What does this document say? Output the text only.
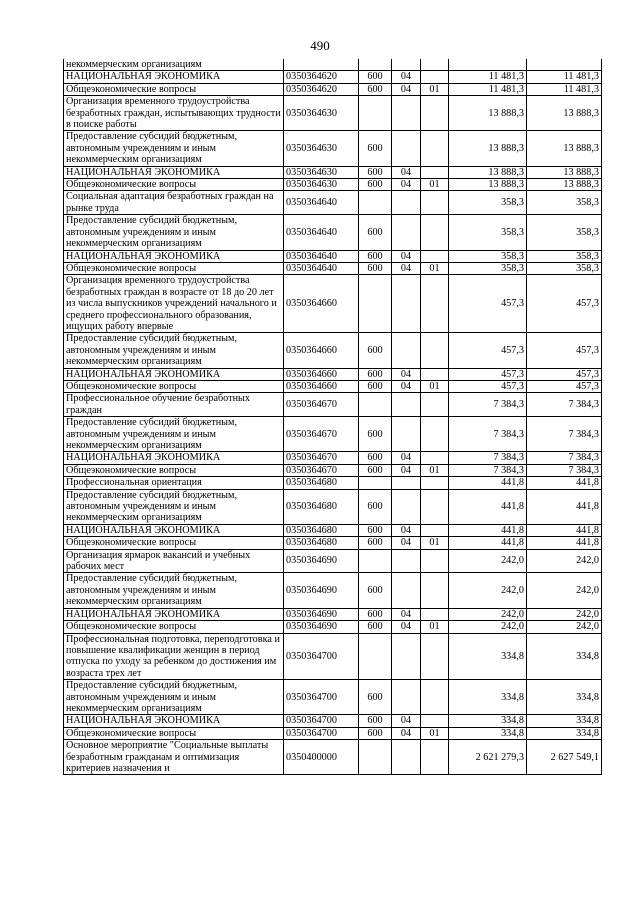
490
некоммерческим организациям						
НАЦИОНАЛЬНАЯ ЭКОНОМИКА	0350364620	600	04		11 481,3	11 481,3
Общеэкономические вопросы	0350364620	600	04	01	11 481,3	11 481,3
Организация временного трудоустройства безработных граждан, испытывающих трудности в поиске работы	0350364630				13 888,3	13 888,3
Предоставление субсидий бюджетным, автономным учреждениям и иным некоммерческим организациям	0350364630	600			13 888,3	13 888,3
НАЦИОНАЛЬНАЯ ЭКОНОМИКА	0350364630	600	04		13 888,3	13 888,3
Общеэкономические вопросы	0350364630	600	04	01	13 888,3	13 888,3
Социальная адаптация безработных граждан на рынке труда	0350364640				358,3	358,3
Предоставление субсидий бюджетным, автономным учреждениям и иным некоммерческим организациям	0350364640	600			358,3	358,3
НАЦИОНАЛЬНАЯ ЭКОНОМИКА	0350364640	600	04		358,3	358,3
Общеэкономические вопросы	0350364640	600	04	01	358,3	358,3
Организация временного трудоустройства безработных граждан в возрасте от 18 до 20 лет из числа выпускников учреждений начального и среднего профессионального образования, ищущих работу впервые	0350364660				457,3	457,3
Предоставление субсидий бюджетным, автономным учреждениям и иным некоммерческим организациям	0350364660	600			457,3	457,3
НАЦИОНАЛЬНАЯ ЭКОНОМИКА	0350364660	600	04		457,3	457,3
Общеэкономические вопросы	0350364660	600	04	01	457,3	457,3
Профессиональное обучение безработных граждан	0350364670				7 384,3	7 384,3
Предоставление субсидий бюджетным, автономным учреждениям и иным некоммерческим организациям	0350364670	600			7 384,3	7 384,3
НАЦИОНАЛЬНАЯ ЭКОНОМИКА	0350364670	600	04		7 384,3	7 384,3
Общеэкономические вопросы	0350364670	600	04	01	7 384,3	7 384,3
Профессиональная ориентация	0350364680				441,8	441,8
Предоставление субсидий бюджетным, автономным учреждениям и иным некоммерческим организациям	0350364680	600			441,8	441,8
НАЦИОНАЛЬНАЯ ЭКОНОМИКА	0350364680	600	04		441,8	441,8
Общеэкономические вопросы	0350364680	600	04	01	441,8	441,8
Организация ярмарок вакансий и учебных рабочих мест	0350364690				242,0	242,0
Предоставление субсидий бюджетным, автономным учреждениям и иным некоммерческим организациям	0350364690	600			242,0	242,0
НАЦИОНАЛЬНАЯ ЭКОНОМИКА	0350364690	600	04		242,0	242,0
Общеэкономические вопросы	0350364690	600	04	01	242,0	242,0
Профессиональная подготовка, переподготовка и повышение квалификации женщин в период отпуска по уходу за ребенком до достижения им возраста трех лет	0350364700				334,8	334,8
Предоставление субсидий бюджетным, автономным учреждениям и иным некоммерческим организациям	0350364700	600			334,8	334,8
НАЦИОНАЛЬНАЯ ЭКОНОМИКА	0350364700	600	04		334,8	334,8
Общеэкономические вопросы	0350364700	600	04	01	334,8	334,8
Основное мероприятие "Социальные выплаты безработным гражданам и оптимизация критериев назначения и	0350400000				2 621 279,3	2 627 549,1
